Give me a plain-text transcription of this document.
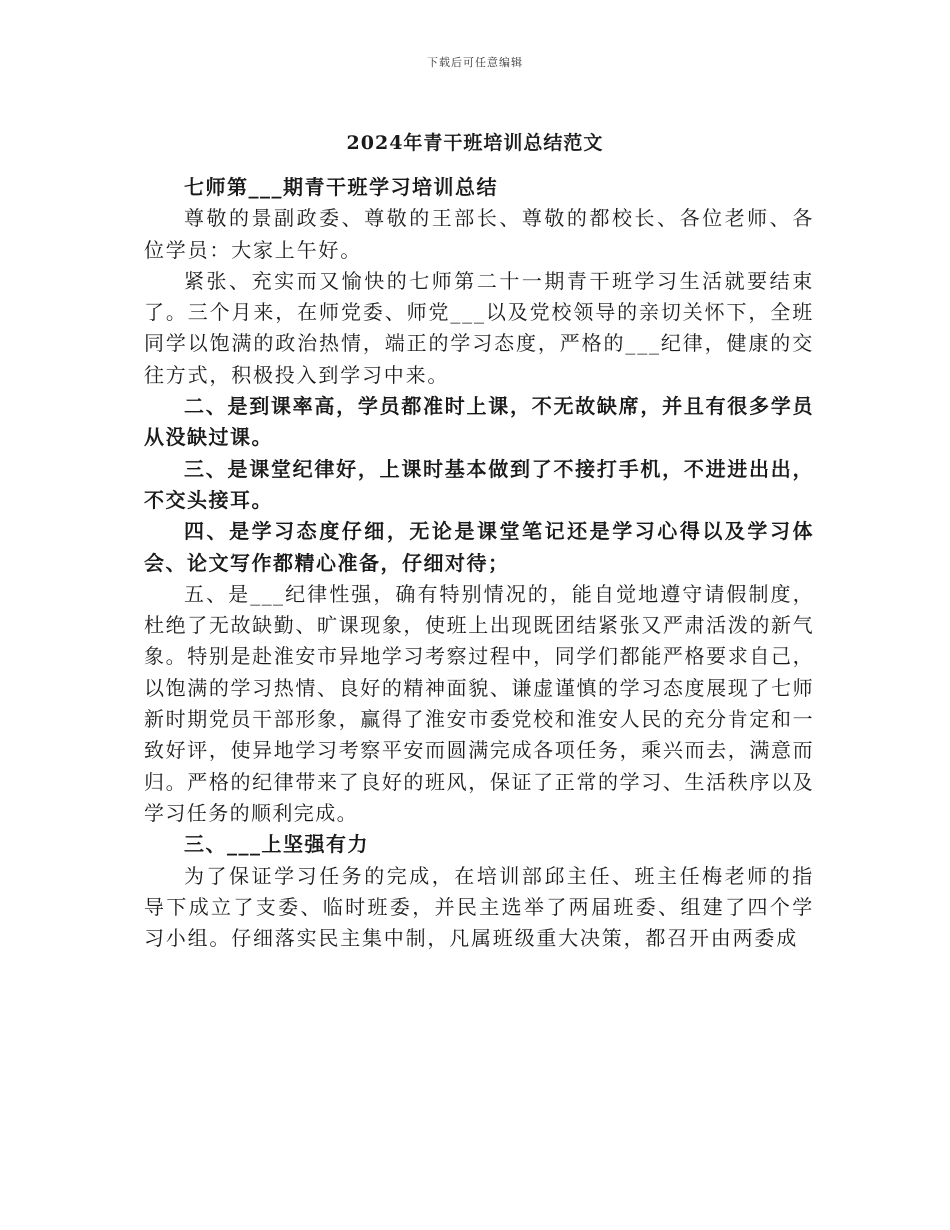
下载后可任意编辑
2024年青干班培训总结范文

七师第___期青干班学习培训总结

尊敬的景副政委、尊敬的王部长、尊敬的都校长、各位老师、各位学员：大家上午好。

紧张、充实而又愉快的七师第二十一期青干班学习生活就要结束了。三个月来，在师党委、师党___以及党校领导的亲切关怀下，全班同学以饱满的政治热情，端正的学习态度，严格的___纪律，健康的交往方式，积极投入到学习中来。

二、是到课率高，学员都准时上课，不无故缺席，并且有很多学员从没缺过课。

三、是课堂纪律好，上课时基本做到了不接打手机，不进进出出，不交头接耳。

四、是学习态度仔细，无论是课堂笔记还是学习心得以及学习体会、论文写作都精心准备，仔细对待；

五、是___纪律性强，确有特别情况的，能自觉地遵守请假制度，杜绝了无故缺勤、旷课现象，使班上出现既团结紧张又严肃活泼的新气象。特别是赴淮安市异地学习考察过程中，同学们都能严格要求自己，以饱满的学习热情、良好的精神面貌、谦虚谨慎的学习态度展现了七师新时期党员干部形象，赢得了淮安市委党校和淮安人民的充分肯定和一致好评，使异地学习考察平安而圆满完成各项任务，乘兴而去，满意而归。严格的纪律带来了良好的班风，保证了正常的学习、生活秩序以及学习任务的顺利完成。

三、___上坚强有力

为了保证学习任务的完成，在培训部邱主任、班主任梅老师的指导下成立了支委、临时班委，并民主选举了两届班委、组建了四个学习小组。仔细落实民主集中制，凡属班级重大决策，都召开由两委成
